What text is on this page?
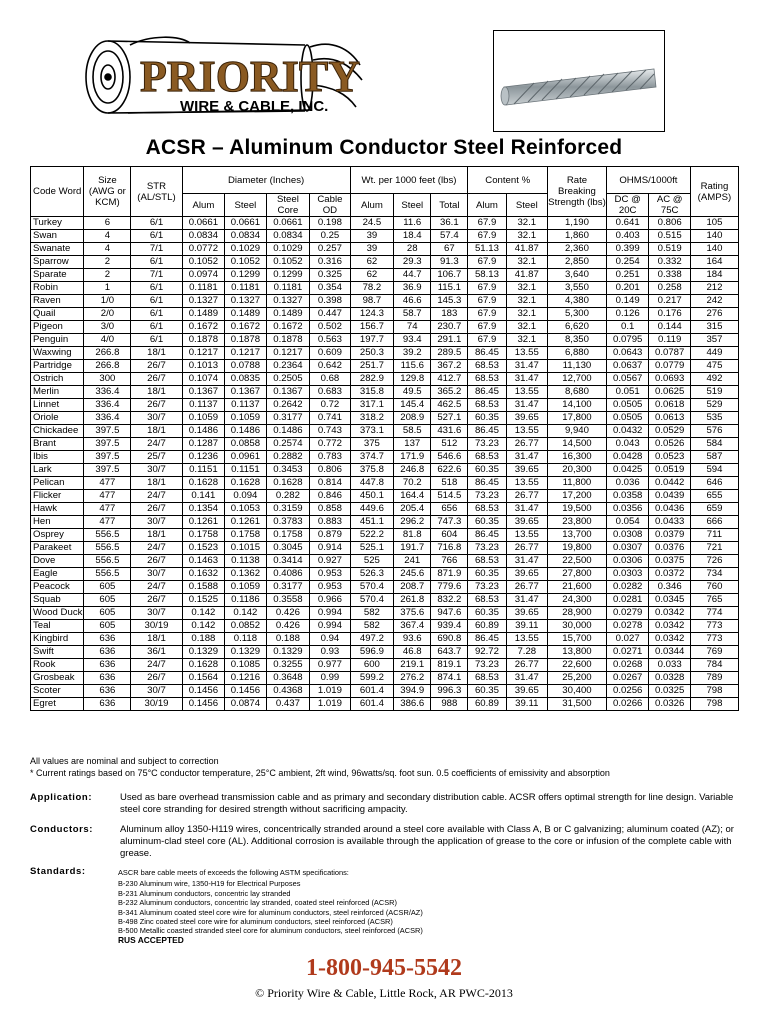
PRIORITY
WIRE & CABLE, INC.
ACSR – Aluminum Conductor Steel Reinforced
Code Word	Size (AWG or KCM)	STR (AL/STL)	Diameter (Inches)				Wt. per 1000 feet (lbs)			Content %		Rate Breaking Strength (lbs)	OHMS/1000ft		Rating (AMPS)
			Alum	Steel	Steel Core	Cable OD	Alum	Steel	Total	Alum	Steel		DC @ 20C	AC @ 75C	
Turkey	6	6/1	0.0661	0.0661	0.0661	0.198	24.5	11.6	36.1	67.9	32.1	1,190	0.641	0.806	105
Swan	4	6/1	0.0834	0.0834	0.0834	0.25	39	18.4	57.4	67.9	32.1	1,860	0.403	0.515	140
Swanate	4	7/1	0.0772	0.1029	0.1029	0.257	39	28	67	51.13	41.87	2,360	0.399	0.519	140
Sparrow	2	6/1	0.1052	0.1052	0.1052	0.316	62	29.3	91.3	67.9	32.1	2,850	0.254	0.332	164
Sparate	2	7/1	0.0974	0.1299	0.1299	0.325	62	44.7	106.7	58.13	41.87	3,640	0.251	0.338	184
Robin	1	6/1	0.1181	0.1181	0.1181	0.354	78.2	36.9	115.1	67.9	32.1	3,550	0.201	0.258	212
Raven	1/0	6/1	0.1327	0.1327	0.1327	0.398	98.7	46.6	145.3	67.9	32.1	4,380	0.149	0.217	242
Quail	2/0	6/1	0.1489	0.1489	0.1489	0.447	124.3	58.7	183	67.9	32.1	5,300	0.126	0.176	276
Pigeon	3/0	6/1	0.1672	0.1672	0.1672	0.502	156.7	74	230.7	67.9	32.1	6,620	0.1	0.144	315
Penguin	4/0	6/1	0.1878	0.1878	0.1878	0.563	197.7	93.4	291.1	67.9	32.1	8,350	0.0795	0.119	357
Waxwing	266.8	18/1	0.1217	0.1217	0.1217	0.609	250.3	39.2	289.5	86.45	13.55	6,880	0.0643	0.0787	449
Partridge	266.8	26/7	0.1013	0.0788	0.2364	0.642	251.7	115.6	367.2	68.53	31.47	11,130	0.0637	0.0779	475
Ostrich	300	26/7	0.1074	0.0835	0.2505	0.68	282.9	129.8	412.7	68.53	31.47	12,700	0.0567	0.0693	492
Merlin	336.4	18/1	0.1367	0.1367	0.1367	0.683	315.8	49.5	365.2	86.45	13.55	8,680	0.051	0.0625	519
Linnet	336.4	26/7	0.1137	0.1137	0.2642	0.72	317.1	145.4	462.5	68.53	31.47	14,100	0.0505	0.0618	529
Oriole	336.4	30/7	0.1059	0.1059	0.3177	0.741	318.2	208.9	527.1	60.35	39.65	17,800	0.0505	0.0613	535
Chickadee	397.5	18/1	0.1486	0.1486	0.1486	0.743	373.1	58.5	431.6	86.45	13.55	9,940	0.0432	0.0529	576
Brant	397.5	24/7	0.1287	0.0858	0.2574	0.772	375	137	512	73.23	26.77	14,500	0.043	0.0526	584
Ibis	397.5	25/7	0.1236	0.0961	0.2882	0.783	374.7	171.9	546.6	68.53	31.47	16,300	0.0428	0.0523	587
Lark	397.5	30/7	0.1151	0.1151	0.3453	0.806	375.8	246.8	622.6	60.35	39.65	20,300	0.0425	0.0519	594
Pelican	477	18/1	0.1628	0.1628	0.1628	0.814	447.8	70.2	518	86.45	13.55	11,800	0.036	0.0442	646
Flicker	477	24/7	0.141	0.094	0.282	0.846	450.1	164.4	514.5	73.23	26.77	17,200	0.0358	0.0439	655
Hawk	477	26/7	0.1354	0.1053	0.3159	0.858	449.6	205.4	656	68.53	31.47	19,500	0.0356	0.0436	659
Hen	477	30/7	0.1261	0.1261	0.3783	0.883	451.1	296.2	747.3	60.35	39.65	23,800	0.054	0.0433	666
Osprey	556.5	18/1	0.1758	0.1758	0.1758	0.879	522.2	81.8	604	86.45	13.55	13,700	0.0308	0.0379	711
Parakeet	556.5	24/7	0.1523	0.1015	0.3045	0.914	525.1	191.7	716.8	73.23	26.77	19,800	0.0307	0.0376	721
Dove	556.5	26/7	0.1463	0.1138	0.3414	0.927	525	241	766	68.53	31.47	22,500	0.0306	0.0375	726
Eagle	556.5	30/7	0.1632	0.1362	0.4086	0.953	526.3	245.6	871.9	60.35	39.65	27,800	0.0303	0.0372	734
Peacock	605	24/7	0.1588	0.1059	0.3177	0.953	570.4	208.7	779.6	73.23	26.77	21,600	0.0282	0.346	760
Squab	605	26/7	0.1525	0.1186	0.3558	0.966	570.4	261.8	832.2	68.53	31.47	24,300	0.0281	0.0345	765
Wood Duck	605	30/7	0.142	0.142	0.426	0.994	582	375.6	947.6	60.35	39.65	28,900	0.0279	0.0342	774
Teal	605	30/19	0.142	0.0852	0.426	0.994	582	367.4	939.4	60.89	39.11	30,000	0.0278	0.0342	773
Kingbird	636	18/1	0.188	0.118	0.188	0.94	497.2	93.6	690.8	86.45	13.55	15,700	0.027	0.0342	773
Swift	636	36/1	0.1329	0.1329	0.1329	0.93	596.9	46.8	643.7	92.72	7.28	13,800	0.0271	0.0344	769
Rook	636	24/7	0.1628	0.1085	0.3255	0.977	600	219.1	819.1	73.23	26.77	22,600	0.0268	0.033	784
Grosbeak	636	26/7	0.1564	0.1216	0.3648	0.99	599.2	276.2	874.1	68.53	31.47	25,200	0.0267	0.0328	789
Scoter	636	30/7	0.1456	0.1456	0.4368	1.019	601.4	394.9	996.3	60.35	39.65	30,400	0.0256	0.0325	798
Egret	636	30/19	0.1456	0.0874	0.437	1.019	601.4	386.6	988	60.89	39.11	31,500	0.0266	0.0326	798
All values are nominal and subject to correction
* Current ratings based on 75°C conductor temperature, 25°C ambient, 2ft wind, 96watts/sq. foot sun. 0.5 coefficients of emissivity and absorption
Application:	Used as bare overhead transmission cable and as primary and secondary distribution cable. ACSR offers optimal strength for line design. Variable steel core stranding for desired strength without sacrificing ampacity.
Conductors:	Aluminum alloy 1350-H119 wires, concentrically stranded around a steel core available with Class A, B or C galvanizing; aluminum coated (AZ); or aluminum-clad steel core (AL). Additional corrosion is available through the application of grease to the core or infusion of the complete cable with grease.
Standards:	ASCR bare cable meets of exceeds the following ASTM specifications:
B-230 Aluminum wire, 1350-H19 for Electrical Purposes
B-231 Aluminum conductors, concentric lay stranded
B-232 Aluminum conductors, concentric lay stranded, coated steel reinforced (ACSR)
B-341 Aluminum coated steel core wire for aluminum conductors, steel reinforced (ACSR/AZ)
B-498 Zinc coated steel core wire for aluminum conductors, steel reinforced (ACSR)
B-500 Metallic coasted stranded steel core for aluminum conductors, steel reinforced (ACSR)
RUS ACCEPTED
1-800-945-5542
© Priority Wire & Cable, Little Rock, AR PWC-2013
